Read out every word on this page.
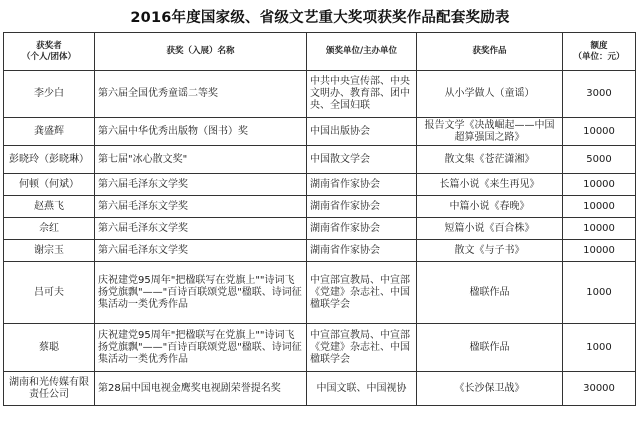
2016年度国家级、省级文艺重大奖项获奖作品配套奖励表
获奖者
（个人/团体）	获奖（入展）名称	颁奖单位/主办单位	获奖作品	额度
（单位：元）
李少白	第六届全国优秀童谣二等奖	中共中央宣传部、中央文明办、教育部、团中央、全国妇联	从小学做人（童谣）	3000
龚盛辉	第六届中华优秀出版物（图书）奖	中国出版协会	报告文学《决战崛起——中国超算强国之路》	10000
彭晓玲（彭晓琳）	第七届"冰心散文奖"	中国散文学会	散文集《苍茫潇湘》	5000
何顿（何斌）	第六届毛泽东文学奖	湖南省作家协会	长篇小说《来生再见》	10000
赵燕飞	第六届毛泽东文学奖	湖南省作家协会	中篇小说《春晚》	10000
佘红	第六届毛泽东文学奖	湖南省作家协会	短篇小说《百合株》	10000
谢宗玉	第六届毛泽东文学奖	湖南省作家协会	散文《与子书》	10000
吕可夫	庆祝建党95周年"把楹联写在党旗上""诗词飞扬党旗飘"——"百诗百联颂党恩"楹联、诗词征集活动一类优秀作品	中宣部宣教局、中宣部《党建》杂志社、中国楹联学会	楹联作品	1000
蔡聪	庆祝建党95周年"把楹联写在党旗上""诗词飞扬党旗飘"——"百诗百联颂党恩"楹联、诗词征集活动一类优秀作品	中宣部宣教局、中宣部《党建》杂志社、中国楹联学会	楹联作品	1000
湖南和光传媒有限责任公司	第28届中国电视金鹰奖电视剧荣誉提名奖	中国文联、中国视协	《长沙保卫战》	30000
